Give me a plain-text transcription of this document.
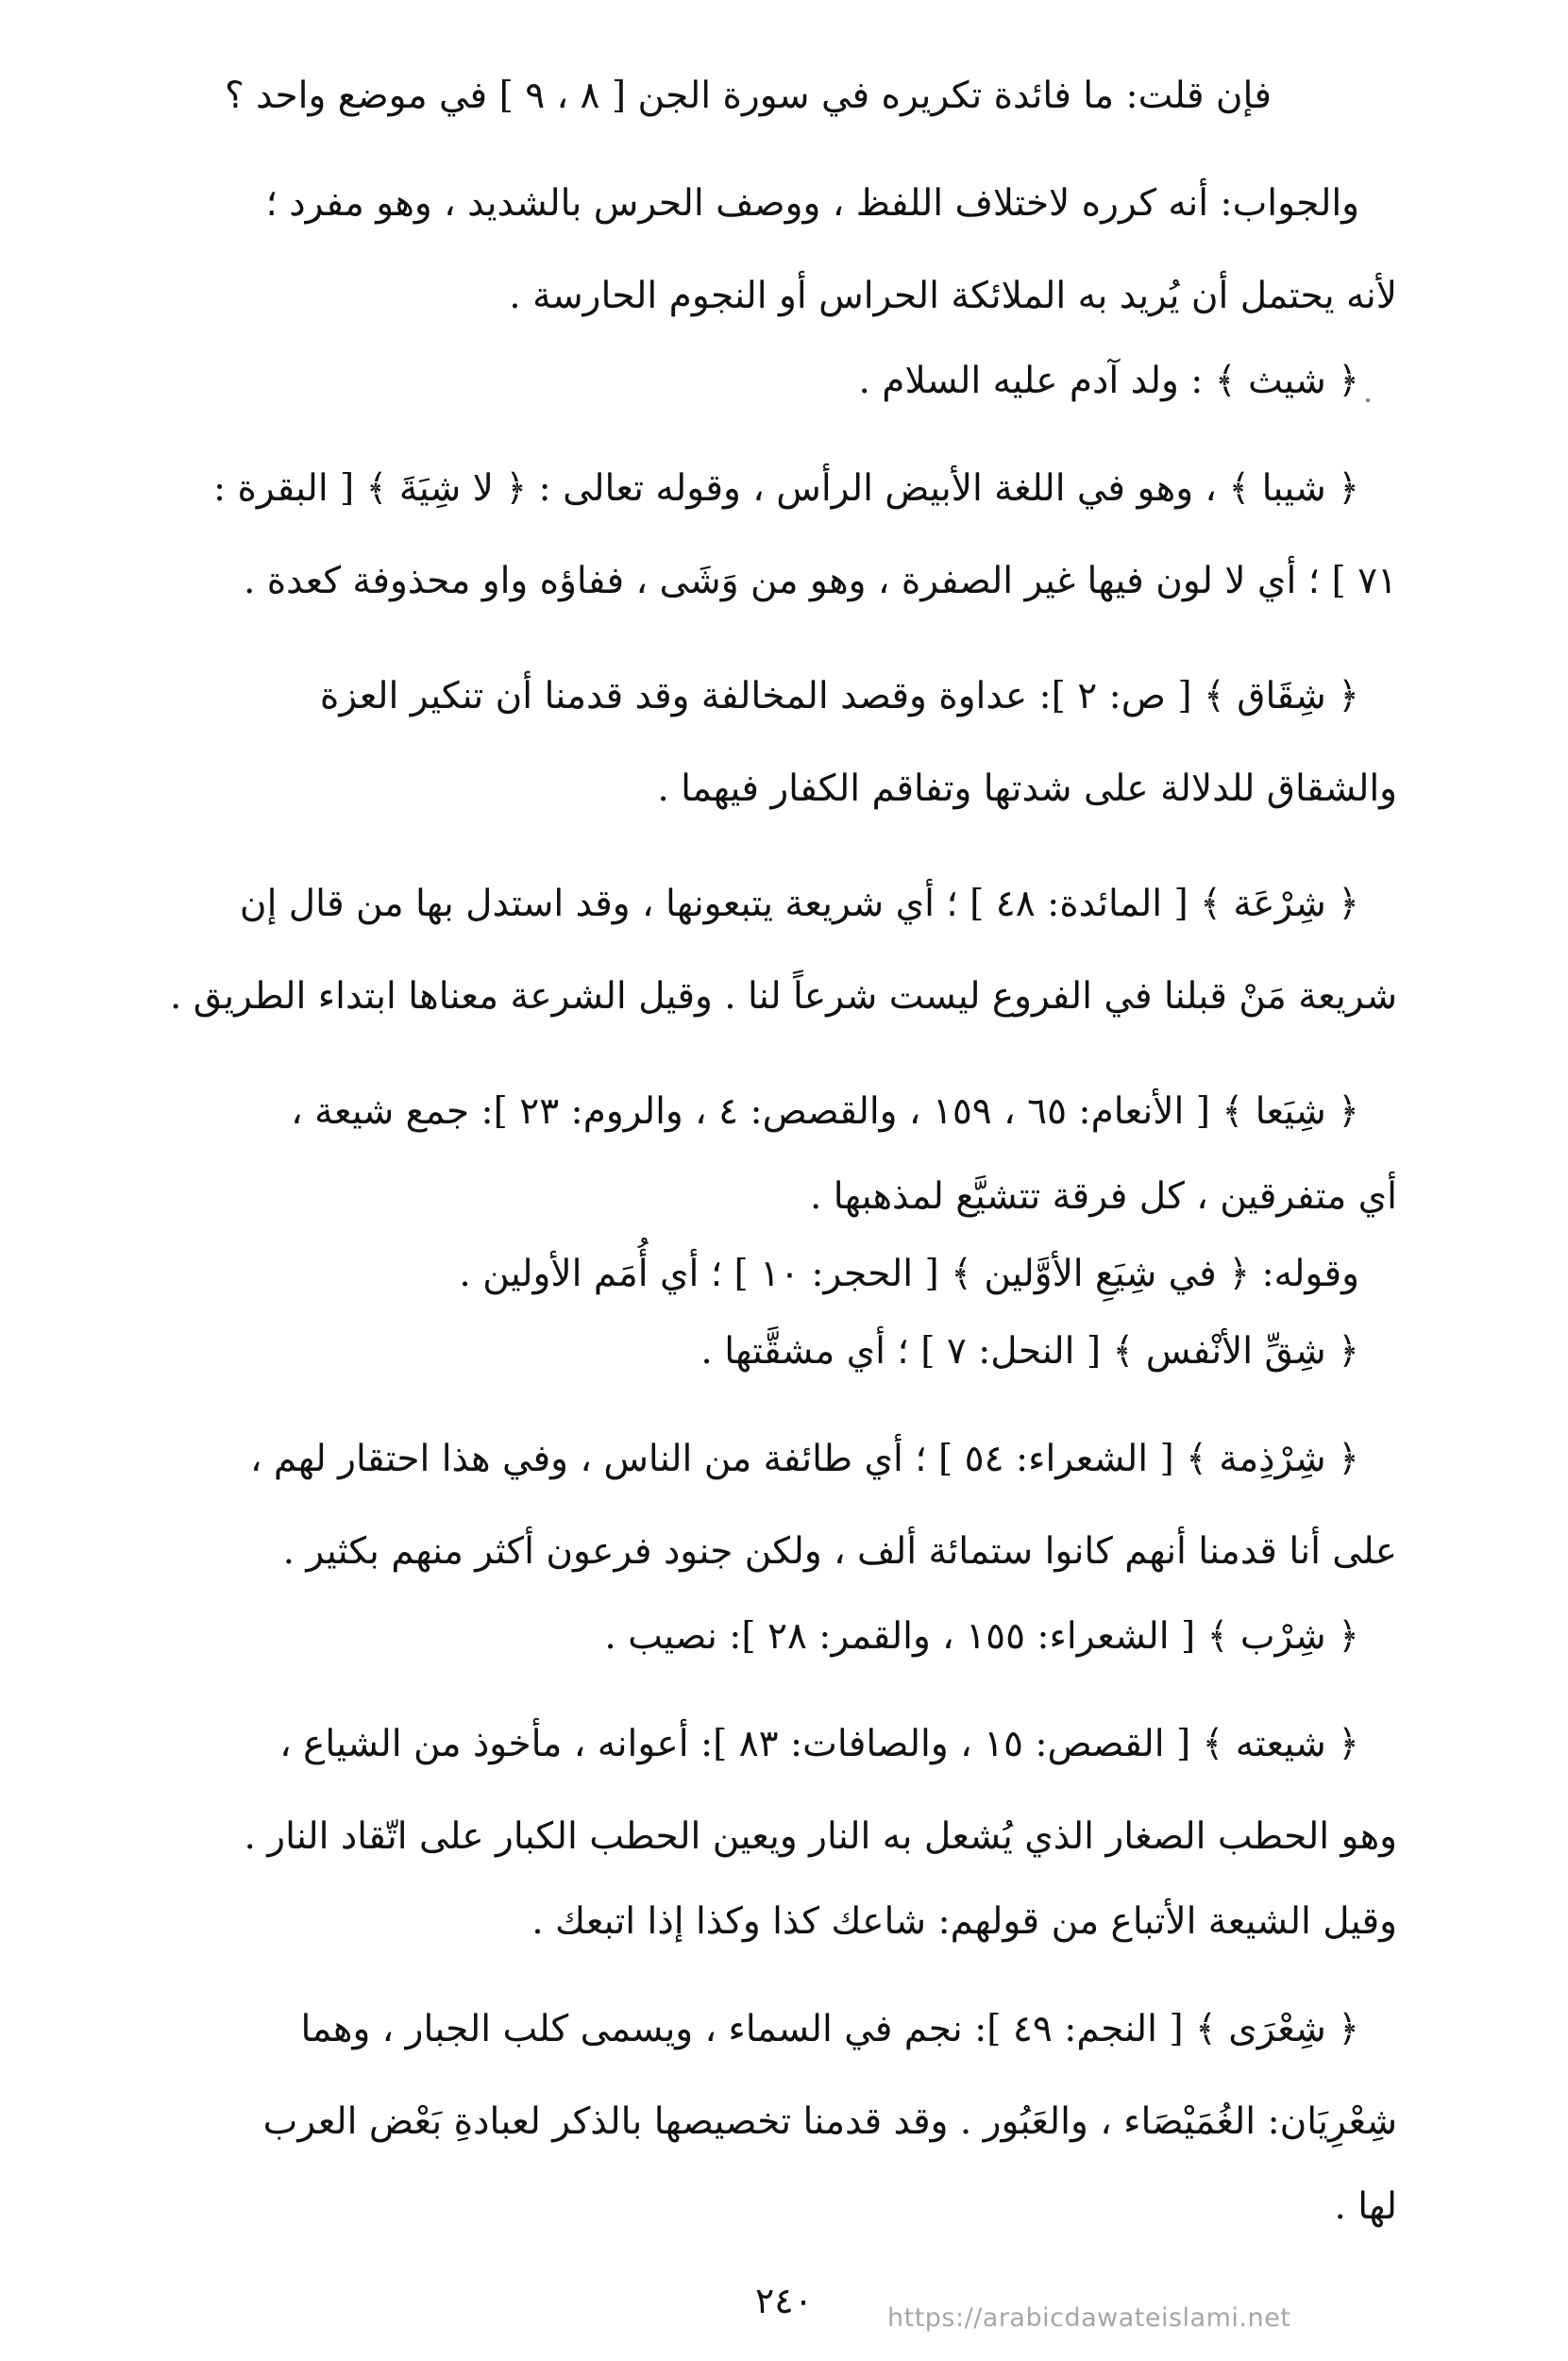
فإن قلت: ما فائدة تكريره في سورة الجن [ ٨ ، ٩ ] في موضع واحد ؟
والجواب: أنه كرره لاختلاف اللفظ ، ووصف الحرس بالشديد ، وهو مفرد ؛
لأنه يحتمل أن يُريد به الملائكة الحراس أو النجوم الحارسة .
﴿ شيث ﴾ : ولد آدم عليه السلام .
﴿ شيبا ﴾ ، وهو في اللغة الأبيض الرأس ، وقوله تعالى : ﴿ لا شِيَةَ ﴾ [ البقرة :
٧١ ] ؛ أي لا لون فيها غير الصفرة ، وهو من وَشَى ، ففاؤه واو محذوفة كعدة .
﴿ شِقَاق ﴾ [ ص: ٢ ]: عداوة وقصد المخالفة وقد قدمنا أن تنكير العزة
والشقاق للدلالة على شدتها وتفاقم الكفار فيهما .
﴿ شِرْعَة ﴾ [ المائدة: ٤٨ ] ؛ أي شريعة يتبعونها ، وقد استدل بها من قال إن
شريعة مَنْ قبلنا في الفروع ليست شرعاً لنا . وقيل الشرعة معناها ابتداء الطريق .
﴿ شِيَعا ﴾ [ الأنعام: ٦٥ ، ١٥٩ ، والقصص: ٤ ، والروم: ٢٣ ]: جمع شيعة ،
أي متفرقين ، كل فرقة تتشيَّع لمذهبها .
وقوله: ﴿ في شِيَعِ الأوَّلين ﴾ [ الحجر: ١٠ ] ؛ أي أُمَم الأولين .
﴿ شِقِّ الأنْفس ﴾ [ النحل: ٧ ] ؛ أي مشقَّتها .
﴿ شِرْذِمة ﴾ [ الشعراء: ٥٤ ] ؛ أي طائفة من الناس ، وفي هذا احتقار لهم ،
على أنا قدمنا أنهم كانوا ستمائة ألف ، ولكن جنود فرعون أكثر منهم بكثير .
﴿ شِرْب ﴾ [ الشعراء: ١٥٥ ، والقمر: ٢٨ ]: نصيب .
﴿ شيعته ﴾ [ القصص: ١٥ ، والصافات: ٨٣ ]: أعوانه ، مأخوذ من الشياع ،
وهو الحطب الصغار الذي يُشعل به النار ويعين الحطب الكبار على اتّقاد النار .
وقيل الشيعة الأتباع من قولهم: شاعك كذا وكذا إذا اتبعك .
﴿ شِعْرَى ﴾ [ النجم: ٤٩ ]: نجم في السماء ، ويسمى كلب الجبار ، وهما
شِعْرِيَان: الغُمَيْصَاء ، والعَبُور . وقد قدمنا تخصيصها بالذكر لعبادةِ بَعْض العرب
لها .
٢٤٠	https://arabicdawateislami.net
